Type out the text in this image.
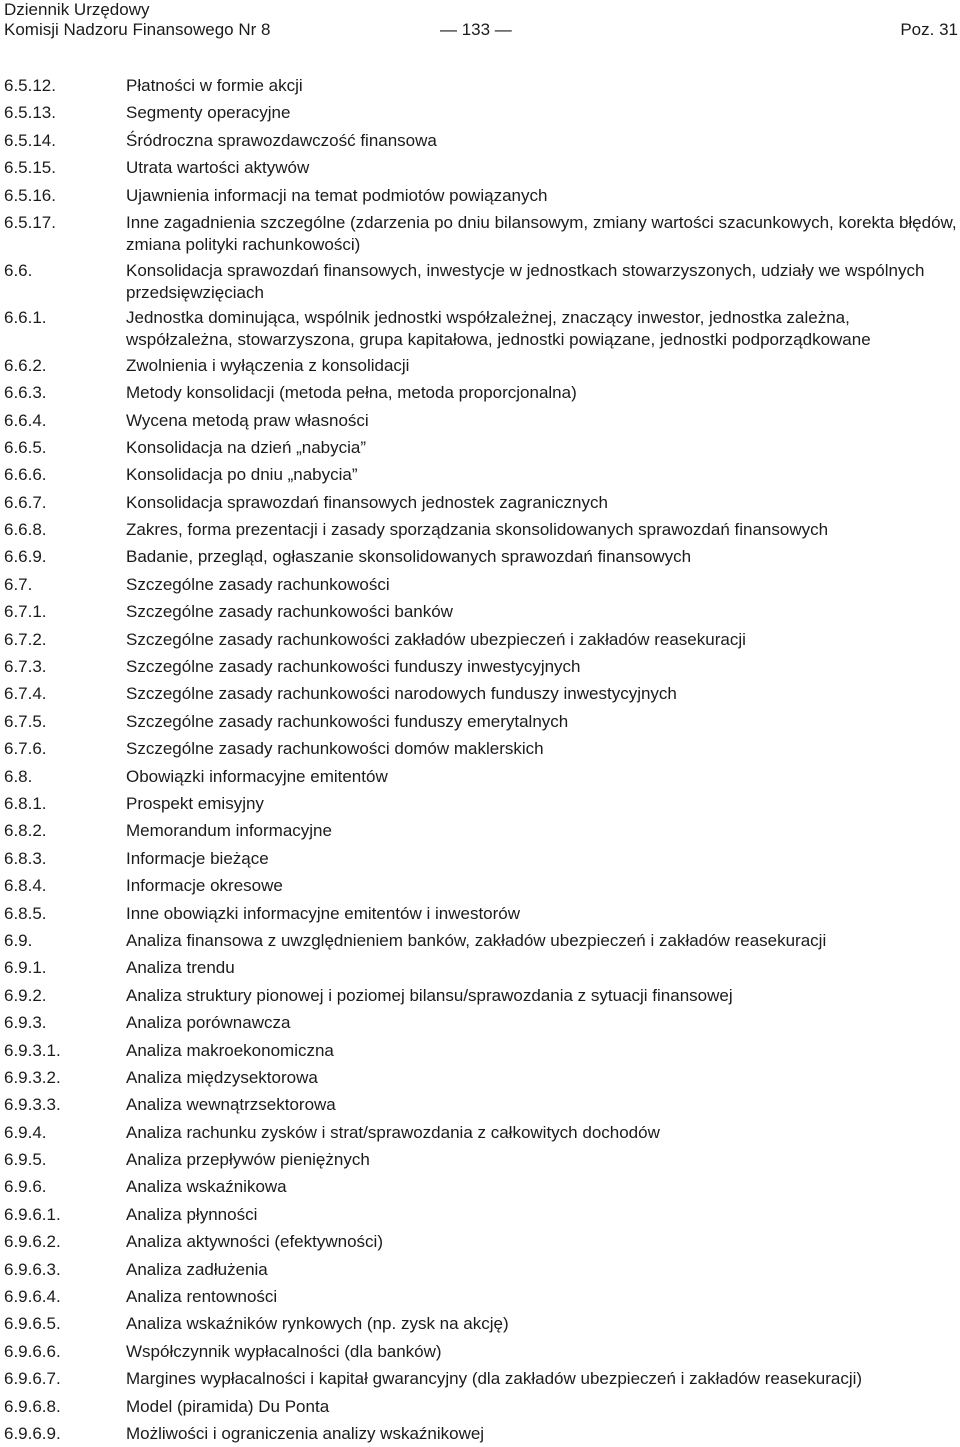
Dziennik Urzędowy
Komisji Nadzoru Finansowego Nr 8	— 133 —	Poz. 31
6.5.12.	Płatności w formie akcji
6.5.13.	Segmenty operacyjne
6.5.14.	Śródroczna sprawozdawczość finansowa
6.5.15.	Utrata wartości aktywów
6.5.16.	Ujawnienia informacji na temat podmiotów powiązanych
6.5.17.	Inne zagadnienia szczególne (zdarzenia po dniu bilansowym, zmiany wartości szacunkowych, korekta błędów, zmiana polityki rachunkowości)
6.6.	Konsolidacja sprawozdań finansowych, inwestycje w jednostkach stowarzyszonych, udziały we wspólnych przedsięwzięciach
6.6.1.	Jednostka dominująca, wspólnik jednostki współzależnej, znaczący inwestor, jednostka zależna, współzależna, stowarzyszona, grupa kapitałowa, jednostki powiązane, jednostki podporządkowane
6.6.2.	Zwolnienia i wyłączenia z konsolidacji
6.6.3.	Metody konsolidacji (metoda pełna, metoda proporcjonalna)
6.6.4.	Wycena metodą praw własności
6.6.5.	Konsolidacja na dzień „nabycia”
6.6.6.	Konsolidacja po dniu „nabycia”
6.6.7.	Konsolidacja sprawozdań finansowych jednostek zagranicznych
6.6.8.	Zakres, forma prezentacji i zasady sporządzania skonsolidowanych sprawozdań finansowych
6.6.9.	Badanie, przegląd, ogłaszanie skonsolidowanych sprawozdań finansowych
6.7.	Szczególne zasady rachunkowości
6.7.1.	Szczególne zasady rachunkowości banków
6.7.2.	Szczególne zasady rachunkowości zakładów ubezpieczeń i zakładów reasekuracji
6.7.3.	Szczególne zasady rachunkowości funduszy inwestycyjnych
6.7.4.	Szczególne zasady rachunkowości narodowych funduszy inwestycyjnych
6.7.5.	Szczególne zasady rachunkowości funduszy emerytalnych
6.7.6.	Szczególne zasady rachunkowości domów maklerskich
6.8.	Obowiązki informacyjne emitentów
6.8.1.	Prospekt emisyjny
6.8.2.	Memorandum informacyjne
6.8.3.	Informacje bieżące
6.8.4.	Informacje okresowe
6.8.5.	Inne obowiązki informacyjne emitentów i inwestorów
6.9.	Analiza finansowa z uwzględnieniem banków, zakładów ubezpieczeń i zakładów reasekuracji
6.9.1.	Analiza trendu
6.9.2.	Analiza struktury pionowej i poziomej bilansu/sprawozdania z sytuacji finansowej
6.9.3.	Analiza porównawcza
6.9.3.1.	Analiza makroekonomiczna
6.9.3.2.	Analiza międzysektorowa
6.9.3.3.	Analiza wewnątrzsektorowa
6.9.4.	Analiza rachunku zysków i strat/sprawozdania z całkowitych dochodów
6.9.5.	Analiza przepływów pieniężnych
6.9.6.	Analiza wskaźnikowa
6.9.6.1.	Analiza płynności
6.9.6.2.	Analiza aktywności (efektywności)
6.9.6.3.	Analiza zadłużenia
6.9.6.4.	Analiza rentowności
6.9.6.5.	Analiza wskaźników rynkowych (np. zysk na akcję)
6.9.6.6.	Współczynnik wypłacalności (dla banków)
6.9.6.7.	Margines wypłacalności i kapitał gwarancyjny (dla zakładów ubezpieczeń i zakładów reasekuracji)
6.9.6.8.	Model (piramida) Du Ponta
6.9.6.9.	Możliwości i ograniczenia analizy wskaźnikowej
